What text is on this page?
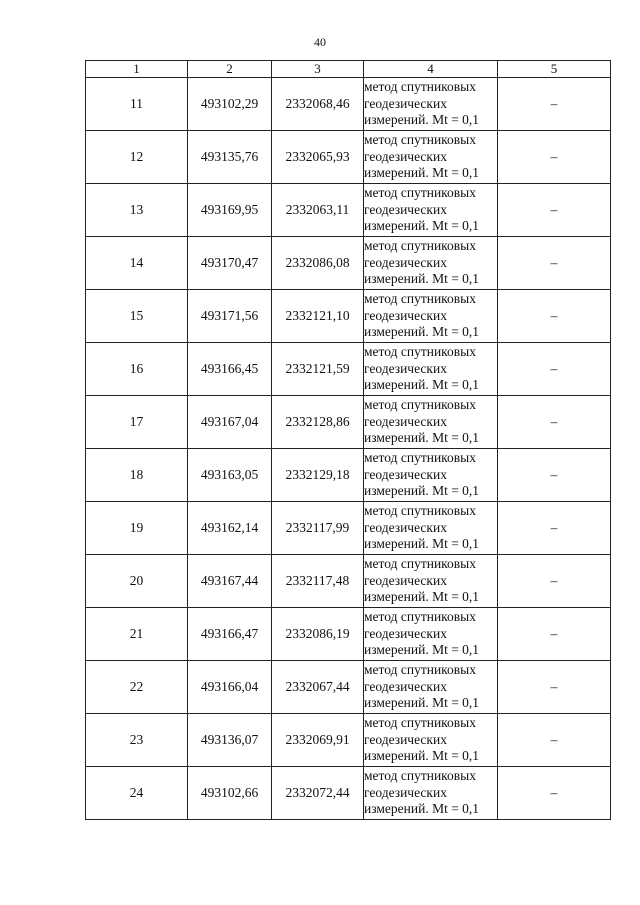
40
1	2	3	4	5
11	493102,29	2332068,46	метод спутниковых
геодезических
измерений. Mt = 0,1	–
12	493135,76	2332065,93	метод спутниковых
геодезических
измерений. Mt = 0,1	–
13	493169,95	2332063,11	метод спутниковых
геодезических
измерений. Mt = 0,1	–
14	493170,47	2332086,08	метод спутниковых
геодезических
измерений. Mt = 0,1	–
15	493171,56	2332121,10	метод спутниковых
геодезических
измерений. Mt = 0,1	–
16	493166,45	2332121,59	метод спутниковых
геодезических
измерений. Mt = 0,1	–
17	493167,04	2332128,86	метод спутниковых
геодезических
измерений. Mt = 0,1	–
18	493163,05	2332129,18	метод спутниковых
геодезических
измерений. Mt = 0,1	–
19	493162,14	2332117,99	метод спутниковых
геодезических
измерений. Mt = 0,1	–
20	493167,44	2332117,48	метод спутниковых
геодезических
измерений. Mt = 0,1	–
21	493166,47	2332086,19	метод спутниковых
геодезических
измерений. Mt = 0,1	–
22	493166,04	2332067,44	метод спутниковых
геодезических
измерений. Mt = 0,1	–
23	493136,07	2332069,91	метод спутниковых
геодезических
измерений. Mt = 0,1	–
24	493102,66	2332072,44	метод спутниковых
геодезических
измерений. Mt = 0,1	–
